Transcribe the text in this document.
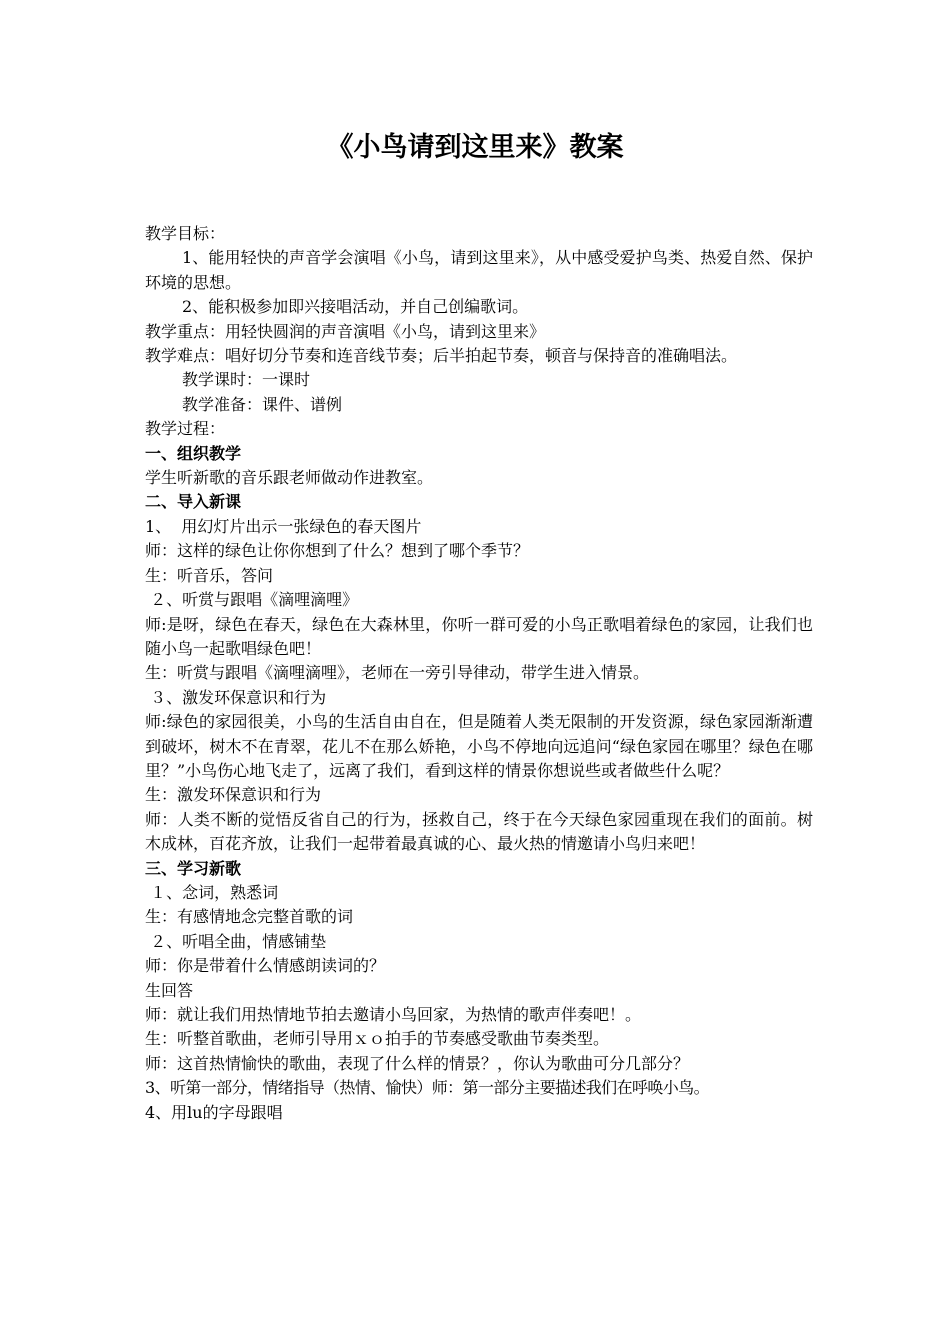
《小鸟请到这里来》教案

教学目标：

1、能用轻快的声音学会演唱《小鸟，请到这里来》，从中感受爱护鸟类、热爱自然、保护环境的思想。

2、能积极参加即兴接唱活动，并自己创编歌词。

教学重点：用轻快圆润的声音演唱《小鸟，请到这里来》

教学难点：唱好切分节奏和连音线节奏；后半拍起节奏，顿音与保持音的准确唱法。

教学课时：一课时

教学准备：课件、谱例

教学过程：

一、组织教学

学生听新歌的音乐跟老师做动作进教室。

二、导入新课

1、  用幻灯片出示一张绿色的春天图片

师：这样的绿色让你你想到了什么？想到了哪个季节？

生：听音乐，答问

２、听赏与跟唱《滴哩滴哩》

师:是呀，绿色在春天，绿色在大森林里，你听一群可爱的小鸟正歌唱着绿色的家园，让我们也随小鸟一起歌唱绿色吧！

生：听赏与跟唱《滴哩滴哩》，老师在一旁引导律动，带学生进入情景。

３、激发环保意识和行为

师:绿色的家园很美，小鸟的生活自由自在，但是随着人类无限制的开发资源，绿色家园渐渐遭到破坏，树木不在青翠，花儿不在那么娇艳，小鸟不停地向远追问“绿色家园在哪里？绿色在哪里？”小鸟伤心地飞走了，远离了我们，看到这样的情景你想说些或者做些什么呢？

生：激发环保意识和行为

师：人类不断的觉悟反省自己的行为，拯救自己，终于在今天绿色家园重现在我们的面前。树木成林，百花齐放，让我们一起带着最真诚的心、最火热的情邀请小鸟归来吧！

三、学习新歌

１、念词，熟悉词

生：有感情地念完整首歌的词

２、听唱全曲，情感铺垫

师：你是带着什么情感朗读词的？

生回答

师：就让我们用热情地节拍去邀请小鸟回家，为热情的歌声伴奏吧！。

生：听整首歌曲，老师引导用ｘｏ拍手的节奏感受歌曲节奏类型。

师：这首热情愉快的歌曲，表现了什么样的情景？，你认为歌曲可分几部分？

3、听第一部分，情绪指导（热情、愉快）师：第一部分主要描述我们在呼唤小鸟。

4、用lu的字母跟唱
